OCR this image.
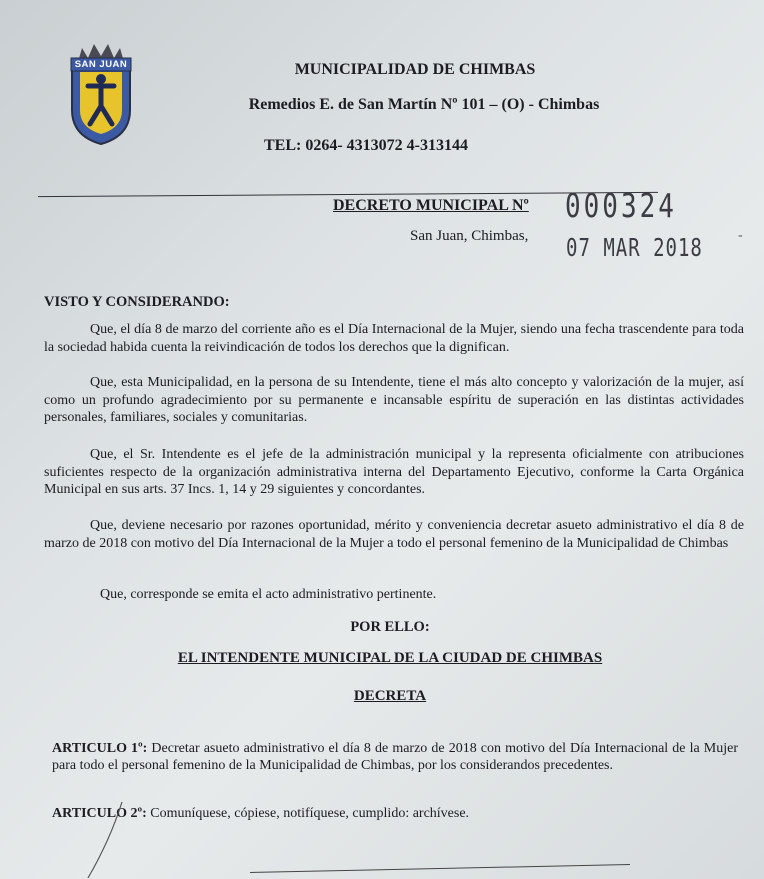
SAN JUAN	MUNICIPALIDAD DE CHIMBAS
Remedios E. de San Martín Nº 101 – (O) - Chimbas
TEL: 0264- 4313072 4-313144
DECRETO MUNICIPAL Nº 000324
San Juan, Chimbas, 07 MAR 2018	-
VISTO Y CONSIDERANDO:
Que, el día 8 de marzo del corriente año es el Día Internacional de la Mujer, siendo una fecha trascendente para toda la sociedad habida cuenta la reivindicación de todos los derechos que la dignifican.
Que, esta Municipalidad, en la persona de su Intendente, tiene el más alto concepto y valorización de la mujer, así como un profundo agradecimiento por su permanente e incansable espíritu de superación en las distintas actividades personales, familiares, sociales y comunitarias.
Que, el Sr. Intendente es el jefe de la administración municipal y la representa oficialmente con atribuciones suficientes respecto de la organización administrativa interna del Departamento Ejecutivo, conforme la Carta Orgánica Municipal en sus arts. 37 Incs. 1, 14 y 29 siguientes y concordantes.
Que, deviene necesario por razones oportunidad, mérito y conveniencia decretar asueto administrativo el día 8 de marzo de 2018 con motivo del Día Internacional de la Mujer a todo el personal femenino de la Municipalidad de Chimbas
Que, corresponde se emita el acto administrativo pertinente.
POR ELLO:
EL INTENDENTE MUNICIPAL DE LA CIUDAD DE CHIMBAS
DECRETA
ARTICULO 1º: Decretar asueto administrativo el día 8 de marzo de 2018 con motivo del Día Internacional de la Mujer para todo el personal femenino de la Municipalidad de Chimbas, por los considerandos precedentes.
ARTICULO 2º: Comuníquese, cópiese, notifíquese, cumplido: archívese.
